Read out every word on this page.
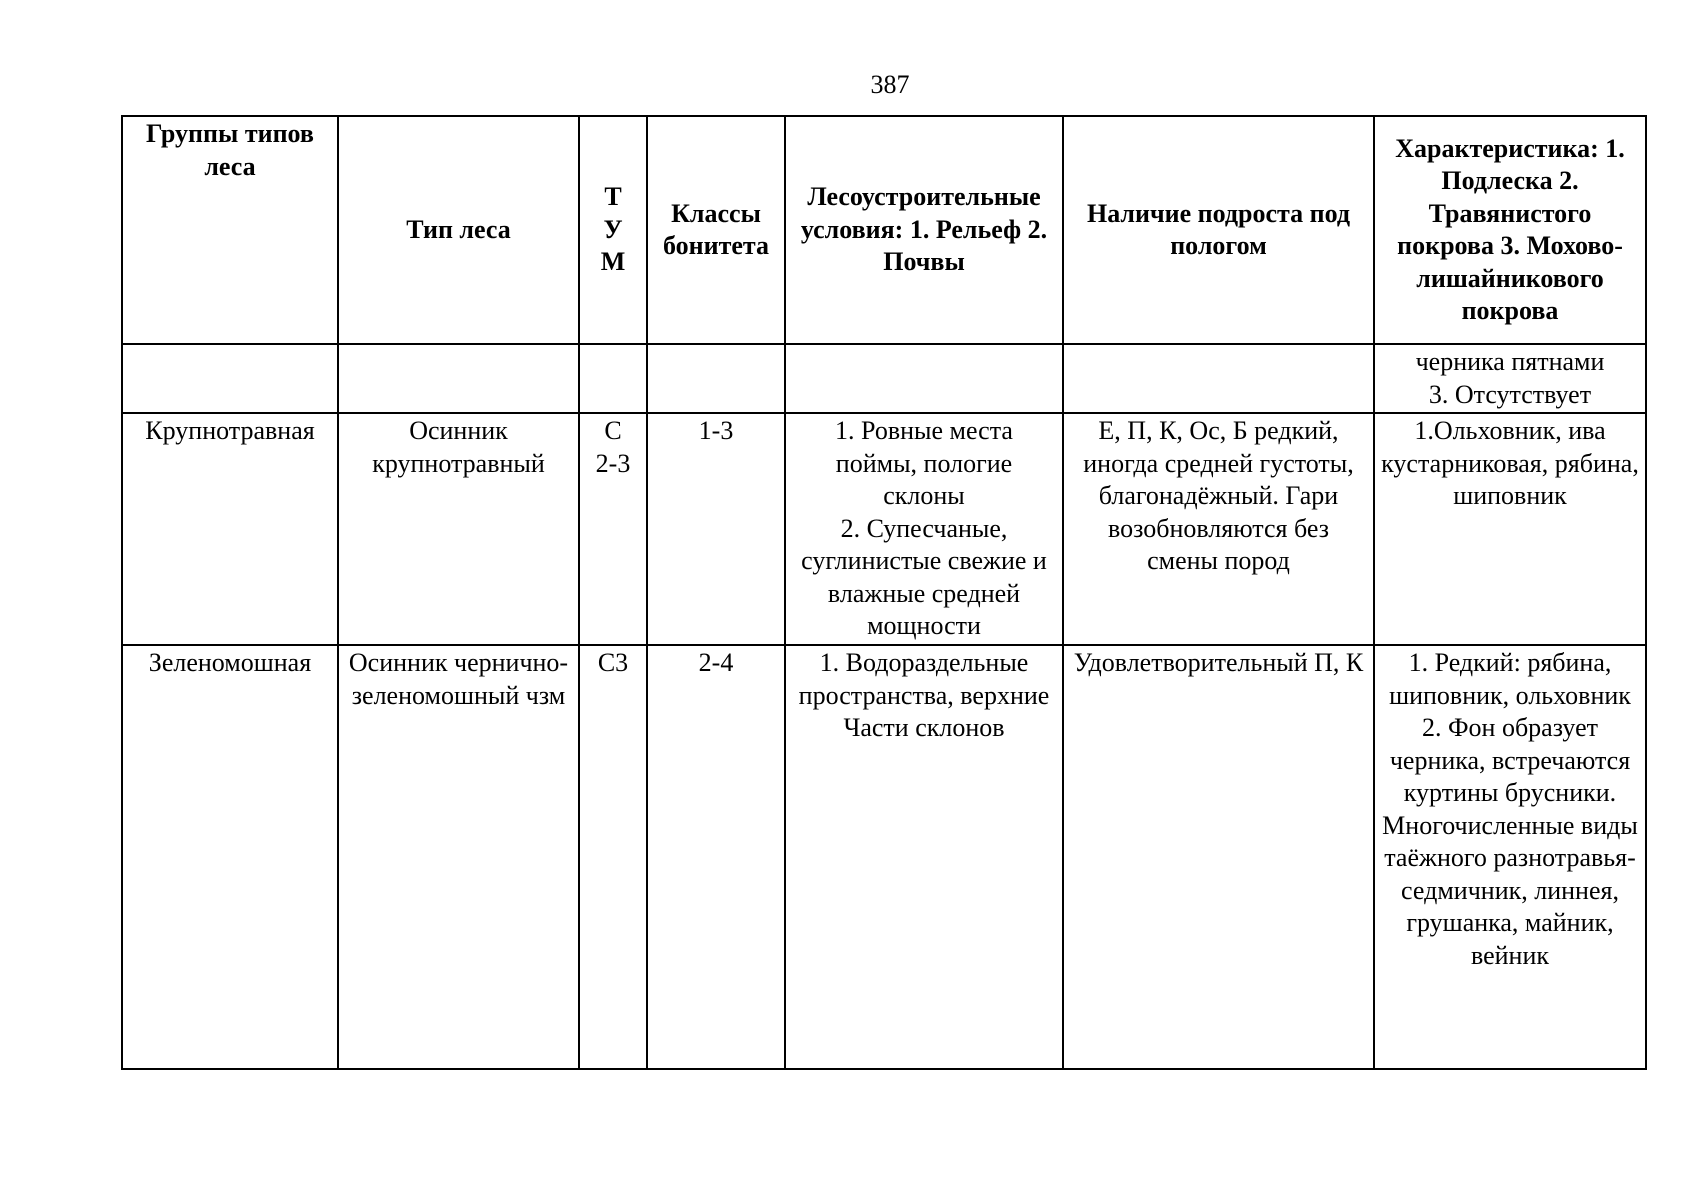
387
Группы типов леса	Тип леса	Т
У
М	Классы бонитета	Лесоустроительные условия: 1. Рельеф 2. Почвы	Наличие подроста под пологом	Характеристика: 1. Подлеска 2. Травянистого покрова 3. Мохово-лишайникового покрова

						черника пятнами
3. Отсутствует

Крупнотравная	Осинник крупнотравный	С
2-3	1-3	1. Ровные места поймы, пологие склоны
2. Супесчаные, суглинистые свежие и влажные средней мощности	Е, П, К, Ос, Б редкий, иногда средней густоты, благонадёжный. Гари возобновляются без смены пород	1.Ольховник, ива кустарниковая, рябина, шиповник
Зеленомошная	Осинник чернично-зеленомошный чзм	С3	2-4	1. Водораздельные пространства, верхние Части склонов	Удовлетворительный П, К	1. Редкий: рябина, шиповник, ольховник
2. Фон образует черника, встречаются куртины брусники. Многочисленные виды таёжного разнотравья-седмичник, линнея, грушанка, майник, вейник
